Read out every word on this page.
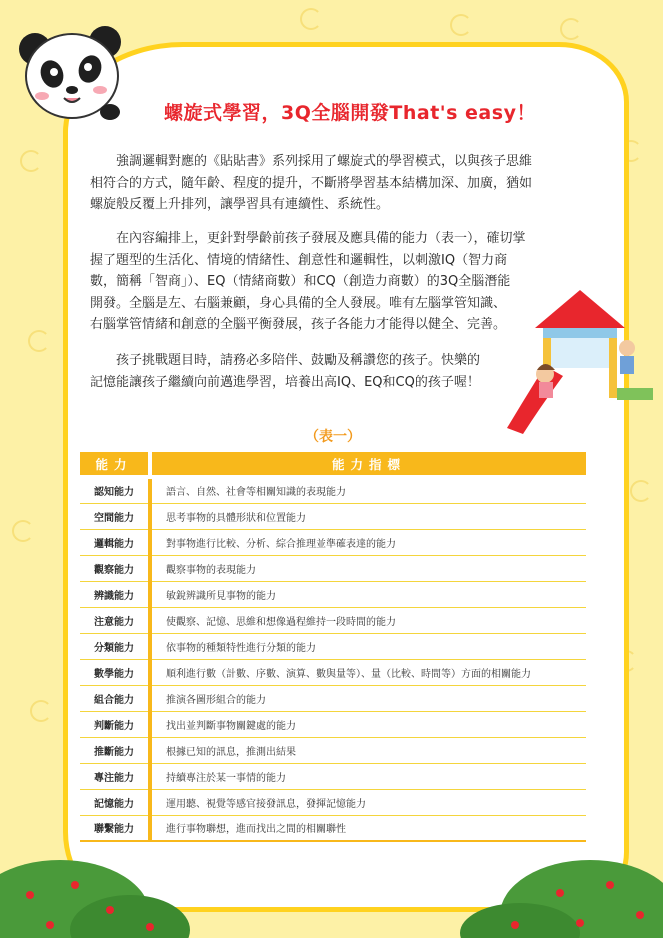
螺旋式學習，3Q全腦開發That's easy！
　　強調邏輯對應的《貼貼書》系列採用了螺旋式的學習模式，以與孩子思維
相符合的方式，隨年齡、程度的提升，不斷將學習基本結構加深、加廣，猶如
螺旋般反覆上升排列，讓學習具有連續性、系統性。
　　在內容編排上，更針對學齡前孩子發展及應具備的能力（表一），確切掌
握了題型的生活化、情境的情緒性、創意性和邏輯性，以刺激IQ（智力商
數，簡稱「智商」）、EQ（情緒商數）和CQ（創造力商數）的3Q全腦潛能
開發。全腦是左、右腦兼顧，身心具備的全人發展。唯有左腦掌管知識、
右腦掌管情緒和創意的全腦平衡發展，孩子各能力才能得以健全、完善。
　　孩子挑戰題目時，請務必多陪伴、鼓勵及稱讚您的孩子。快樂的
記憶能讓孩子繼續向前邁進學習，培養出高IQ、EQ和CQ的孩子喔！
（表一）
能力	能力指標
認知能力	語言、自然、社會等相關知識的表現能力
空間能力	思考事物的具體形狀和位置能力
邏輯能力	對事物進行比較、分析、綜合推理並準確表達的能力
觀察能力	觀察事物的表現能力
辨識能力	敏銳辨識所見事物的能力
注意能力	使觀察、記憶、思維和想像過程維持一段時間的能力
分類能力	依事物的種類特性進行分類的能力
數學能力	順利進行數（計數、序數、演算、數與量等）、量（比較、時間等）方面的相關能力
組合能力	推演各圖形組合的能力
判斷能力	找出並判斷事物關鍵處的能力
推斷能力	根據已知的訊息，推測出結果
專注能力	持續專注於某一事情的能力
記憶能力	運用聽、視覺等感官接發訊息，發揮記憶能力
聯繫能力	進行事物聯想，進而找出之間的相關聯性
